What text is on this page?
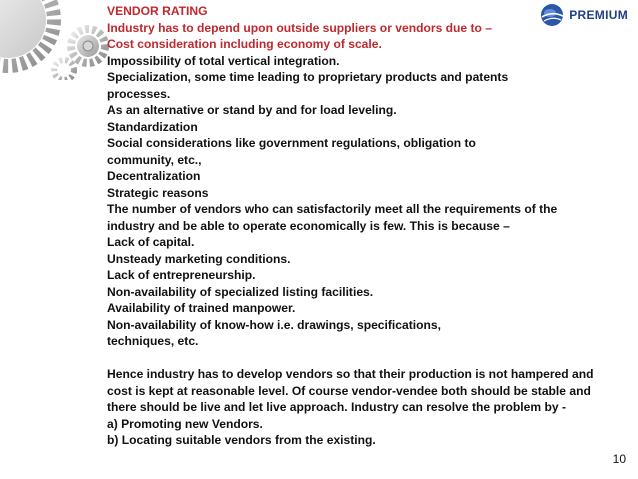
PREMIUM

VENDOR RATING

Industry has to depend upon outside suppliers or vendors due to –

Cost consideration including economy of scale.

Impossibility of total vertical integration.

Specialization, some time leading to proprietary products and patents

processes.

As an alternative or stand by and for load leveling.

Standardization

Social considerations like government regulations, obligation to

community, etc.,

Decentralization

Strategic reasons

The number of vendors who can satisfactorily meet all the requirements of the

industry and be able to operate economically is few. This is because –

Lack of capital.

Unsteady marketing conditions.

Lack of entrepreneurship.

Non-availability of specialized listing facilities.

Availability of trained manpower.

Non-availability of know-how i.e. drawings, specifications,

techniques, etc.

Hence industry has to develop vendors so that their production is not hampered and

cost is kept at reasonable level. Of course vendor-vendee both should be stable and

there should be live and let live approach. Industry can resolve the problem by -

a) Promoting new Vendors.

b) Locating suitable vendors from the existing.

10
